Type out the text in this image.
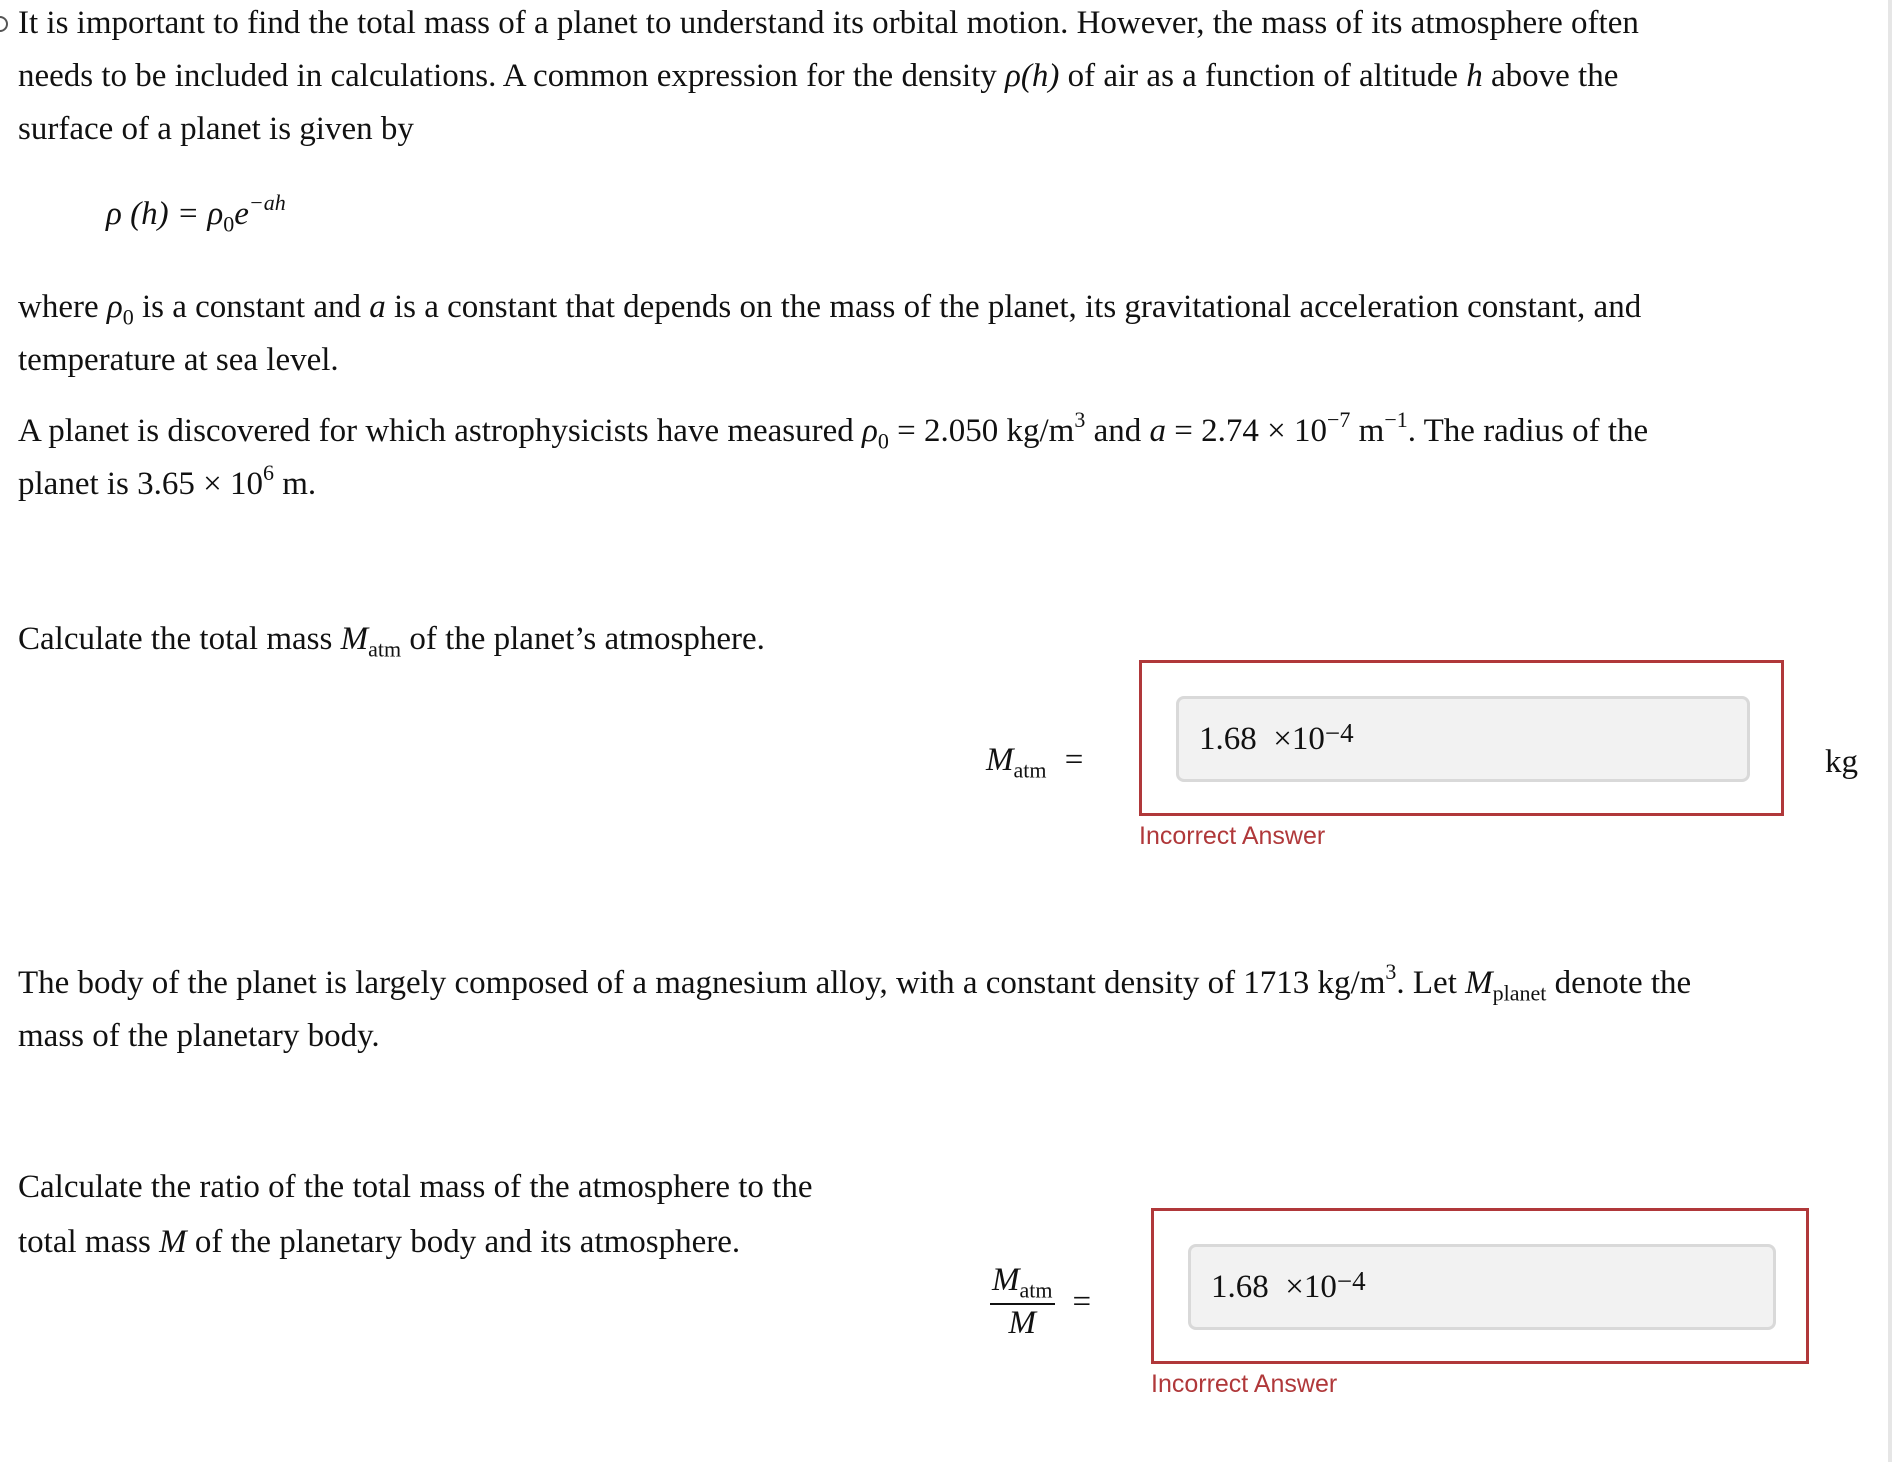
It is important to find the total mass of a planet to understand its orbital motion. However, the mass of its atmosphere often
needs to be included in calculations. A common expression for the density ρ(h) of air as a function of altitude h above the
surface of a planet is given by
ρ $(h) = \rho_0e^{-ah}$
where $\rho_0$ is a constant and a is a constant that depends on the mass of the planet, its gravitational acceleration constant, and
temperature at sea level.
A planet is discovered for which astrophysicists have measured $\rho_0 = 2.050$ $kg/m^3$ and $a = 2.74 \times 10^{-7}$ $m^{-1}$. The radius of the
planet is $3.65 \times 10^6$ m.
Calculate the total mass $M_{atm}$ of the planet’s atmosphere.
$M_{atm}$ =
1.68
$\times 10^{-4}$
kg
Incorrect Answer
The body of the planet is largely composed of a magnesium alloy, with a constant density of 1713 $kg/m^3$. Let $M_{planet}$ denote the
mass of the planetary body.
Calculate the ratio of the total mass of the atmosphere to the
total mass M of the planetary body and its atmosphere.
$\frac{M_{atm}}{M}$ =	1.68
$\times 10^{-4}$
Incorrect Answer
